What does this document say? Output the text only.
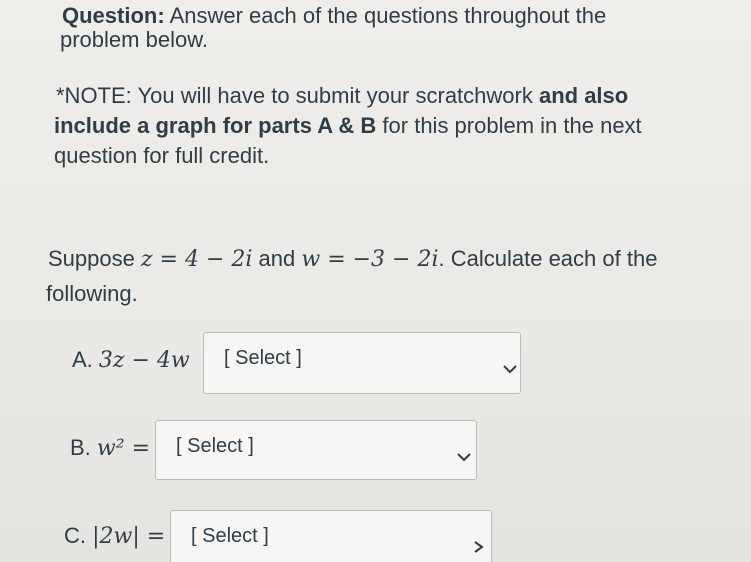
Question: Answer each of the questions throughout the
problem below.
*NOTE: You will have to submit your scratchwork and also
include a graph for parts A & B for this problem in the next
question for full credit.
Suppose z = 4 − 2i and w = −3 − 2i. Calculate each of the
following.
A. 3z − 4w [ Select ]
B. w² = [ Select ]
C. |2w| = [ Select ]
